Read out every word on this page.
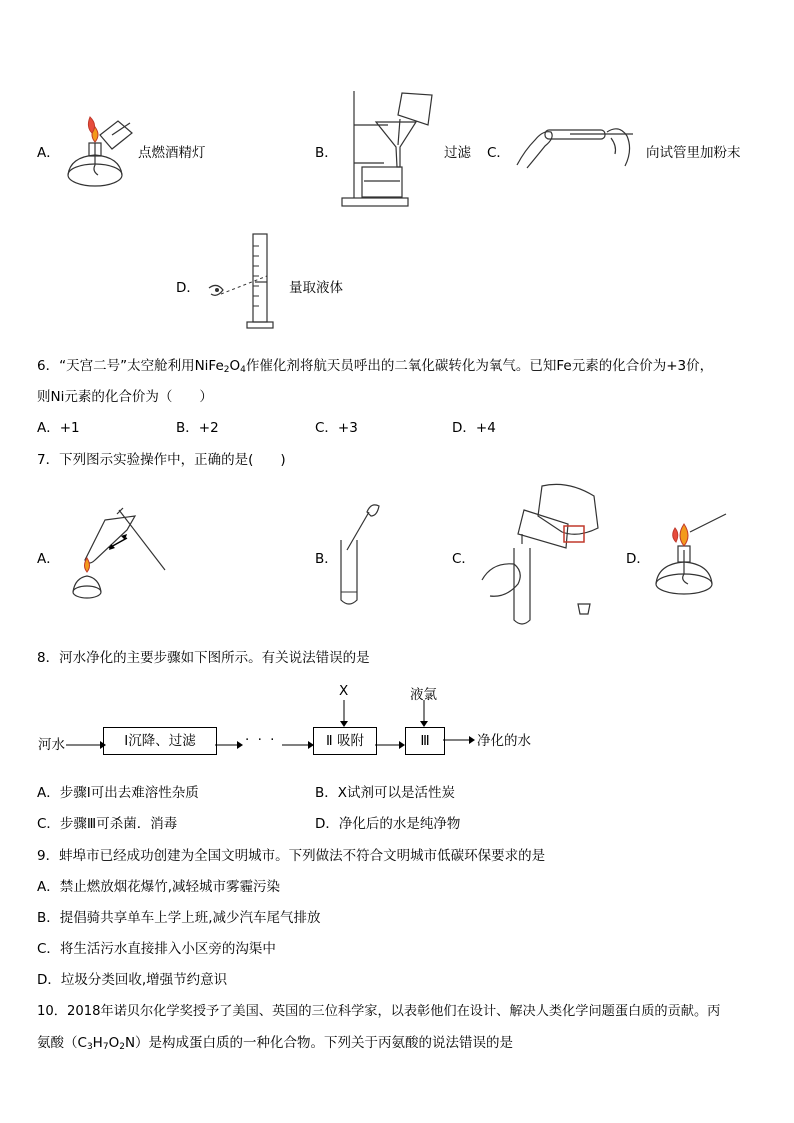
A．	点燃酒精灯	B．	过滤 C．	向试管里加粉末
D．	量取液体
6．“天宫二号”太空舱利用$NiFe_2O_4$作催化剂将航天员呼出的二氧化碳转化为氧气。已知Fe元素的化合价为+3价，
则Ni元素的化合价为（　　）
A．+1	B．+2	C．+3	D．+4
7．下列图示实验操作中，正确的是(　　)
A．	B．	C．	D．
8．河水净化的主要步骤如下图所示。有关说法错误的是
河水	Ⅰ沉降、过滤	· · ·	Ⅱ 吸附
X
Ⅲ
液氯
净化的水
A．步骤Ⅰ可出去难溶性杂质	B．X试剂可以是活性炭
C．步骤Ⅲ可杀菌．消毒	D．净化后的水是纯净物
9．蚌埠市已经成功创建为全国文明城市。下列做法不符合文明城市低碳环保要求的是
A．禁止燃放烟花爆竹,减轻城市雾霾污染
B．提倡骑共享单车上学上班,减少汽车尾气排放
C．将生活污水直接排入小区旁的沟渠中
D．垃圾分类回收,增强节约意识
10．2018年诺贝尔化学奖授予了美国、英国的三位科学家，以表彰他们在设计、解决人类化学问题蛋白质的贡献。丙
氨酸$(C_3H_7O_2N)$是构成蛋白质的一种化合物。下列关于丙氨酸的说法错误的是
